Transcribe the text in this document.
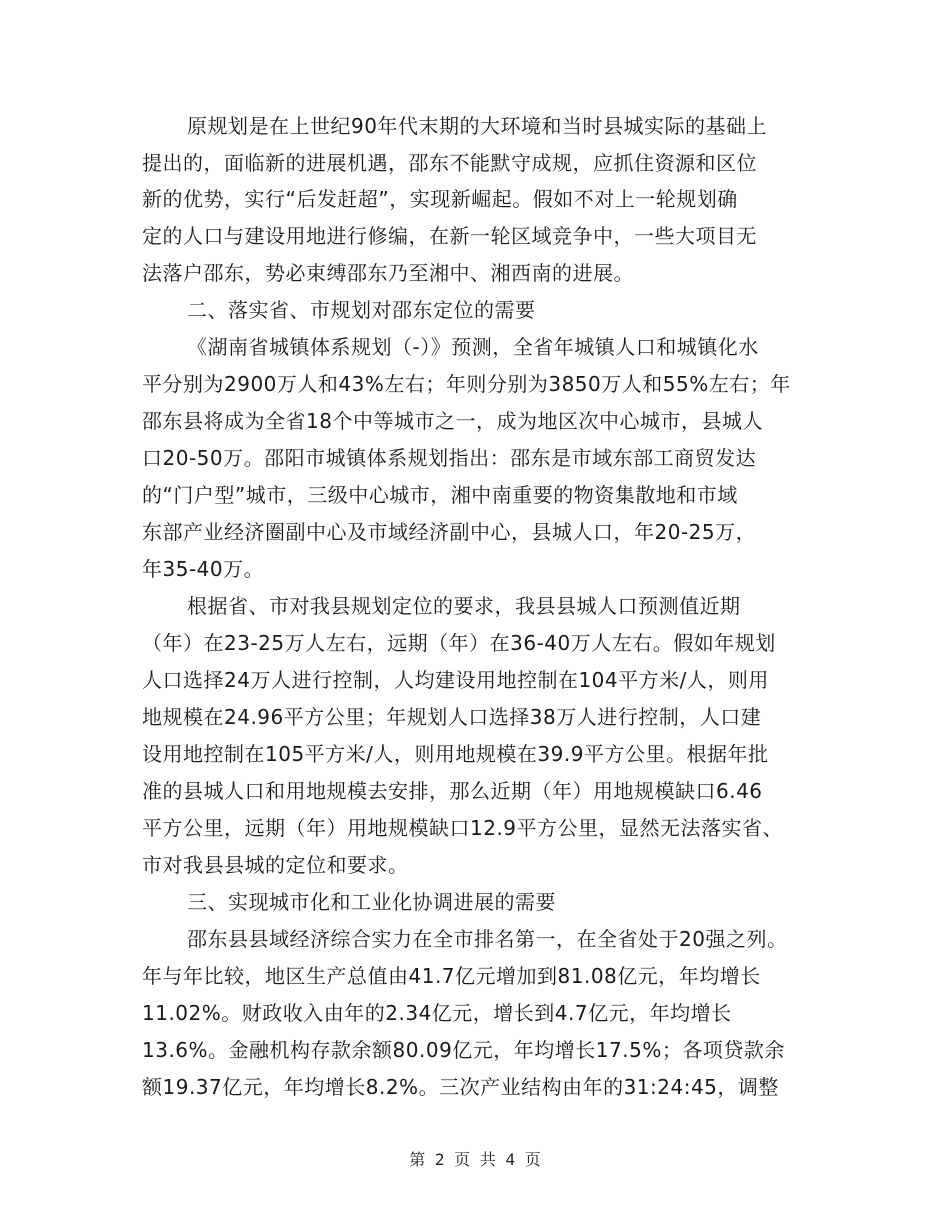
原规划是在上世纪90年代末期的大环境和当时县城实际的基础上
提出的，面临新的进展机遇，邵东不能默守成规，应抓住资源和区位
新的优势，实行“后发赶超”，实现新崛起。假如不对上一轮规划确
定的人口与建设用地进行修编，在新一轮区域竞争中，一些大项目无
法落户邵东，势必束缚邵东乃至湘中、湘西南的进展。
二、落实省、市规划对邵东定位的需要
《湖南省城镇体系规划（-）》预测，全省年城镇人口和城镇化水
平分别为2900万人和43%左右；年则分别为3850万人和55%左右；年
邵东县将成为全省18个中等城市之一，成为地区次中心城市，县城人
口20-50万。邵阳市城镇体系规划指出：邵东是市域东部工商贸发达
的“门户型”城市，三级中心城市，湘中南重要的物资集散地和市域
东部产业经济圈副中心及市域经济副中心，县城人口，年20-25万，
年35-40万。
根据省、市对我县规划定位的要求，我县县城人口预测值近期
（年）在23-25万人左右，远期（年）在36-40万人左右。假如年规划
人口选择24万人进行控制，人均建设用地控制在104平方米/人，则用
地规模在24.96平方公里；年规划人口选择38万人进行控制，人口建
设用地控制在105平方米/人，则用地规模在39.9平方公里。根据年批
准的县城人口和用地规模去安排，那么近期（年）用地规模缺口6.46
平方公里，远期（年）用地规模缺口12.9平方公里，显然无法落实省、
市对我县县城的定位和要求。
三、实现城市化和工业化协调进展的需要
邵东县县域经济综合实力在全市排名第一，在全省处于20强之列。
年与年比较，地区生产总值由41.7亿元增加到81.08亿元，年均增长
11.02%。财政收入由年的2.34亿元，增长到4.7亿元，年均增长
13.6%。金融机构存款余额80.09亿元，年均增长17.5%；各项贷款余
额19.37亿元，年均增长8.2%。三次产业结构由年的31:24:45，调整
第 2 页 共 4 页
